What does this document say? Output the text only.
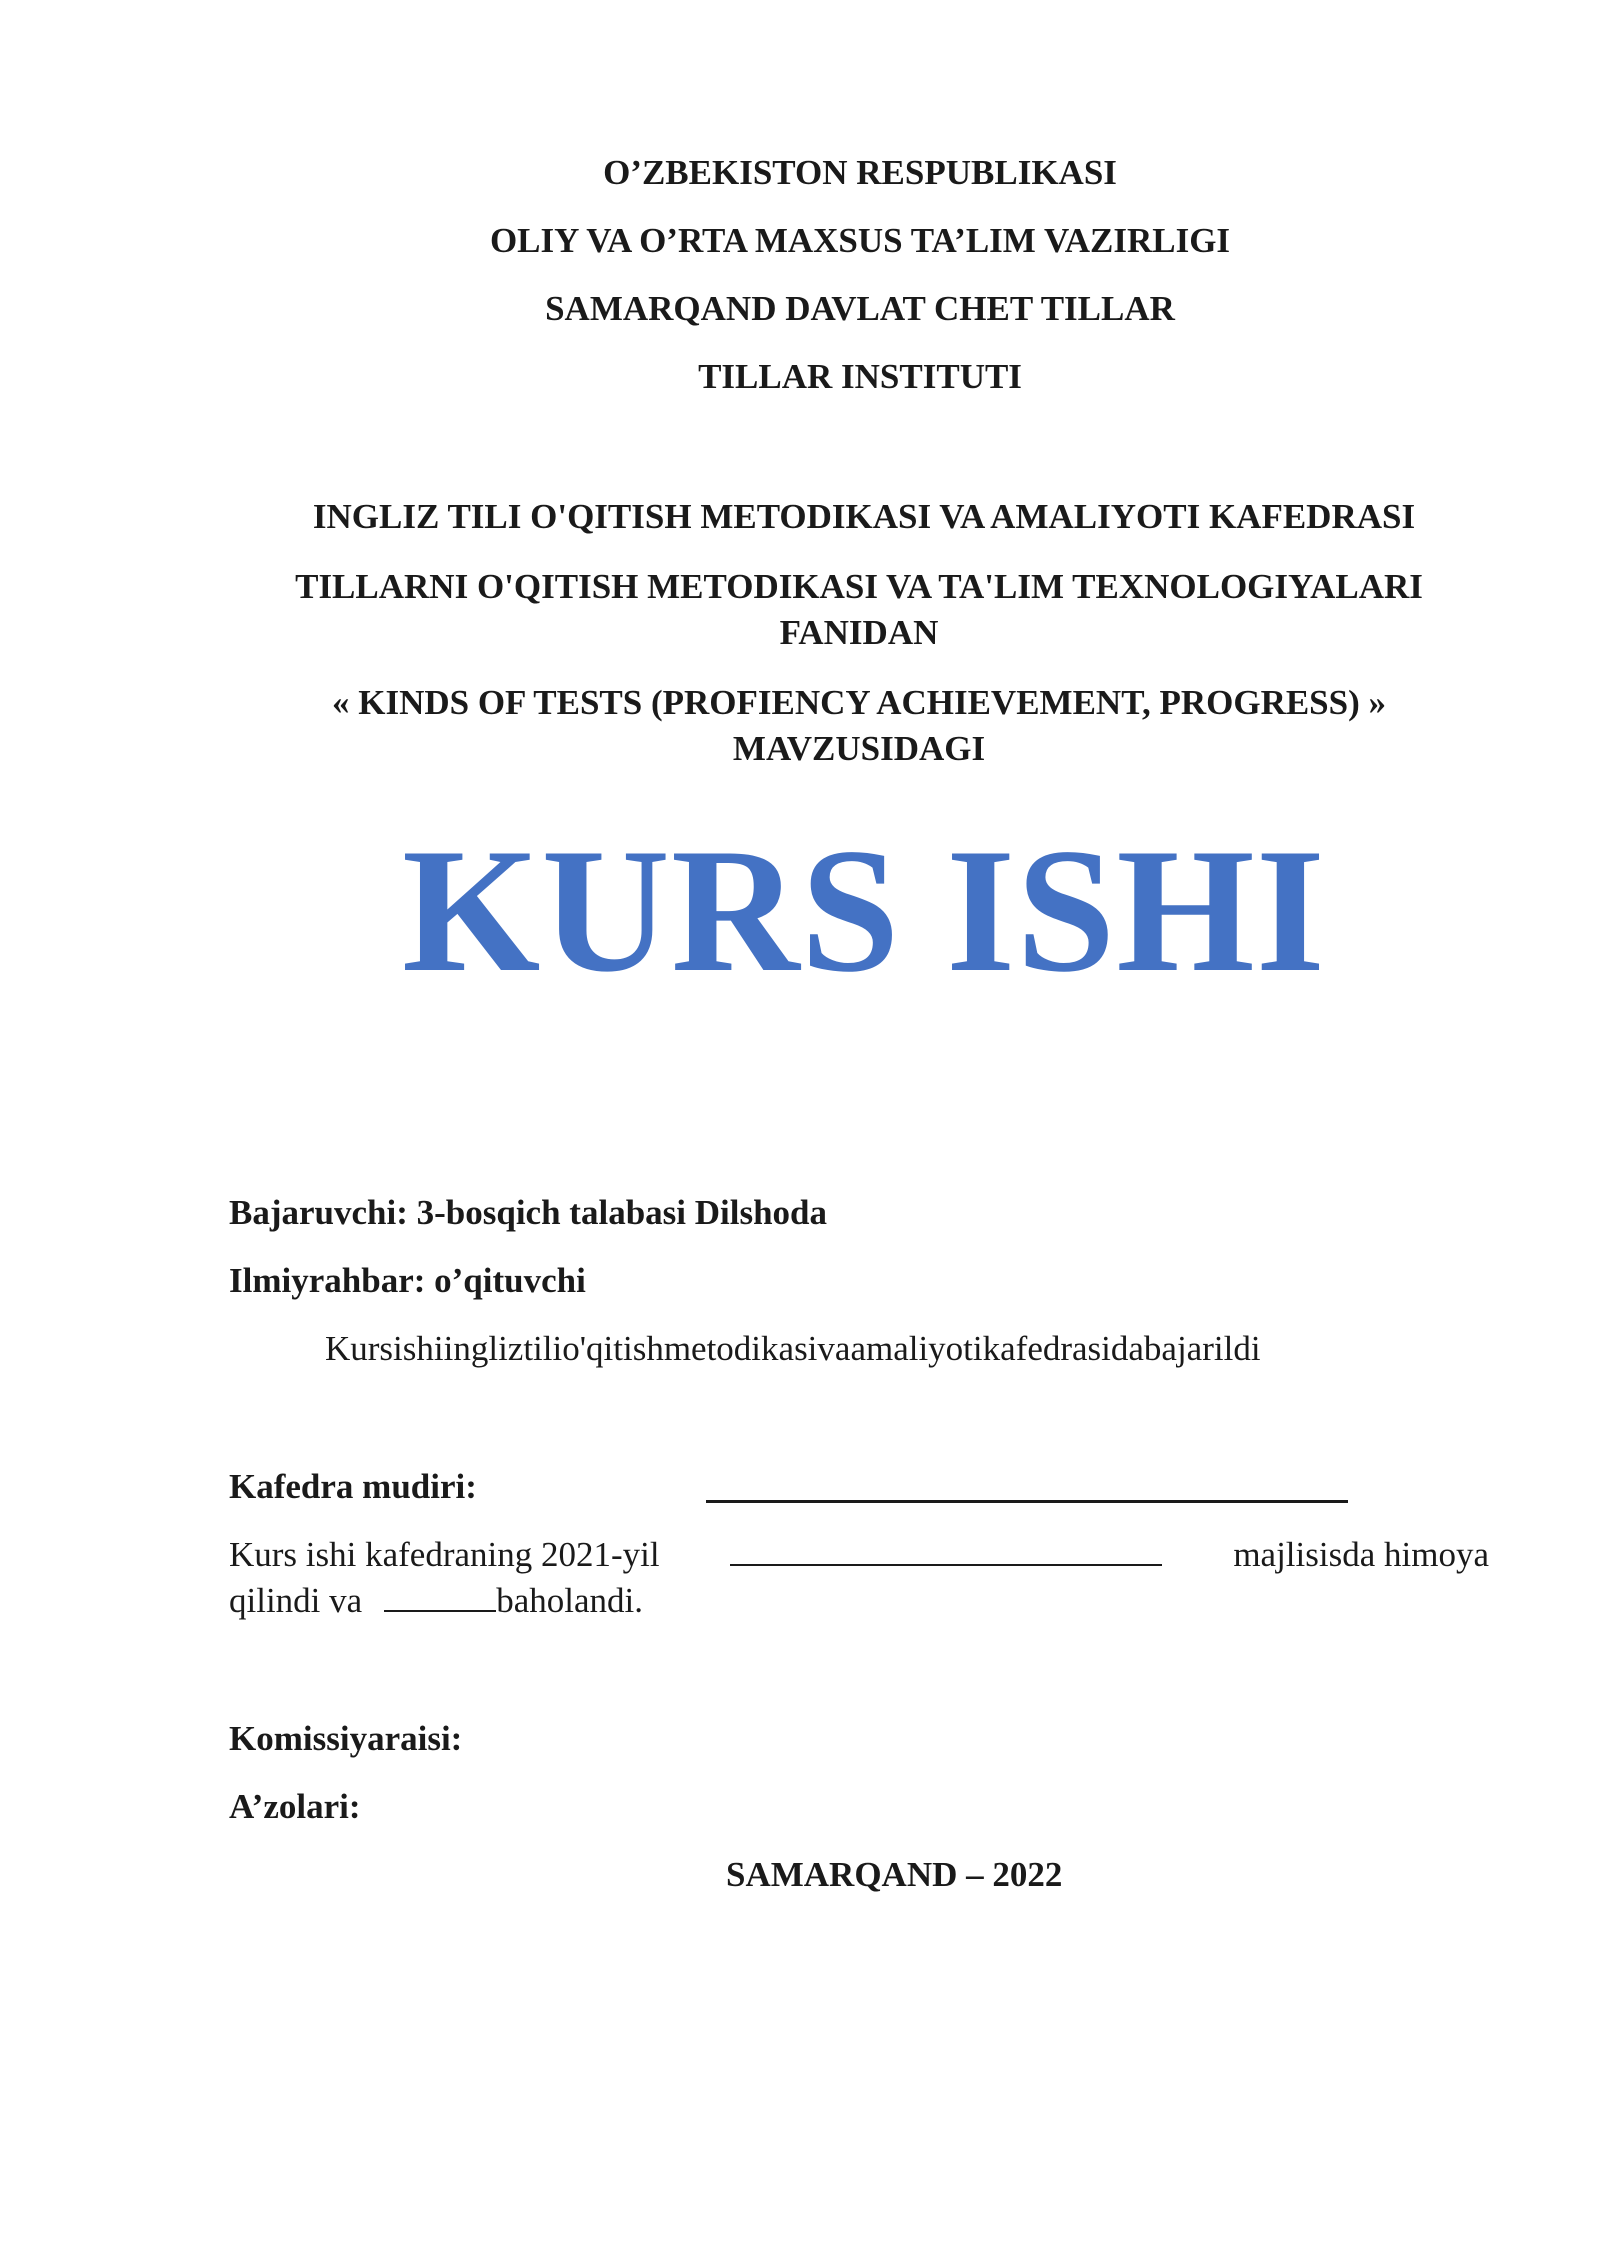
O’ZBEKISTON RESPUBLIKASI
OLIY VA O’RTA MAXSUS TA’LIM VAZIRLIGI
SAMARQAND DAVLAT CHET TILLAR
TILLAR INSTITUTI
INGLIZ TILI O'QITISH METODIKASI VA AMALIYOTI KAFEDRASI
TILLARNI O'QITISH METODIKASI VA TA'LIM TEXNOLOGIYALARI FANIDAN
« KINDS OF TESTS (PROFIENCY ACHIEVEMENT, PROGRESS) » MAVZUSIDAGI
KURS ISHI
Bajaruvchi: 3-bosqich talabasi Dilshoda
Ilmiyrahbar: o’qituvchi
Kursishiingliztilio'qitishmetodikasivaamaliyotikafedrasidabajarildi
Kafedra mudiri:
Kurs ishi kafedraning 2021-yil	majlisisda himoya
qilindi va	baholandi.
Komissiyaraisi:
A’zolari:
SAMARQAND – 2022
